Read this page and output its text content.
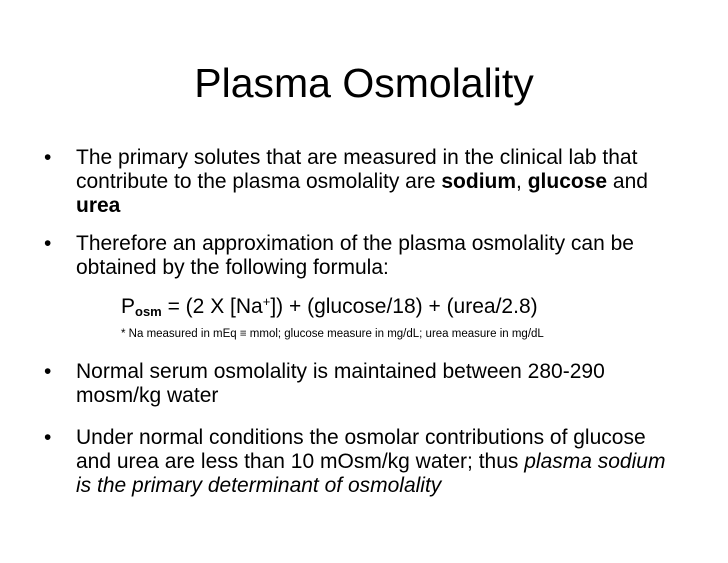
Plasma Osmolality
•	The primary solutes that are measured in the clinical lab that contribute to the plasma osmolality are sodium, glucose and urea
•	Therefore an approximation of the plasma osmolality can be obtained by the following formula:
$P_{osm} = (2$ X [Na+]) + (glucose/18) + (urea/2.8)
* Na measured in mEq ≡ mmol; glucose measure in mg/dL; urea measure in mg/dL
•	Normal serum osmolality is maintained between 280-290 mosm/kg water
•	Under normal conditions the osmolar contributions of glucose and urea are less than 10 mOsm/kg water; thus plasma sodium is the primary determinant of osmolality
